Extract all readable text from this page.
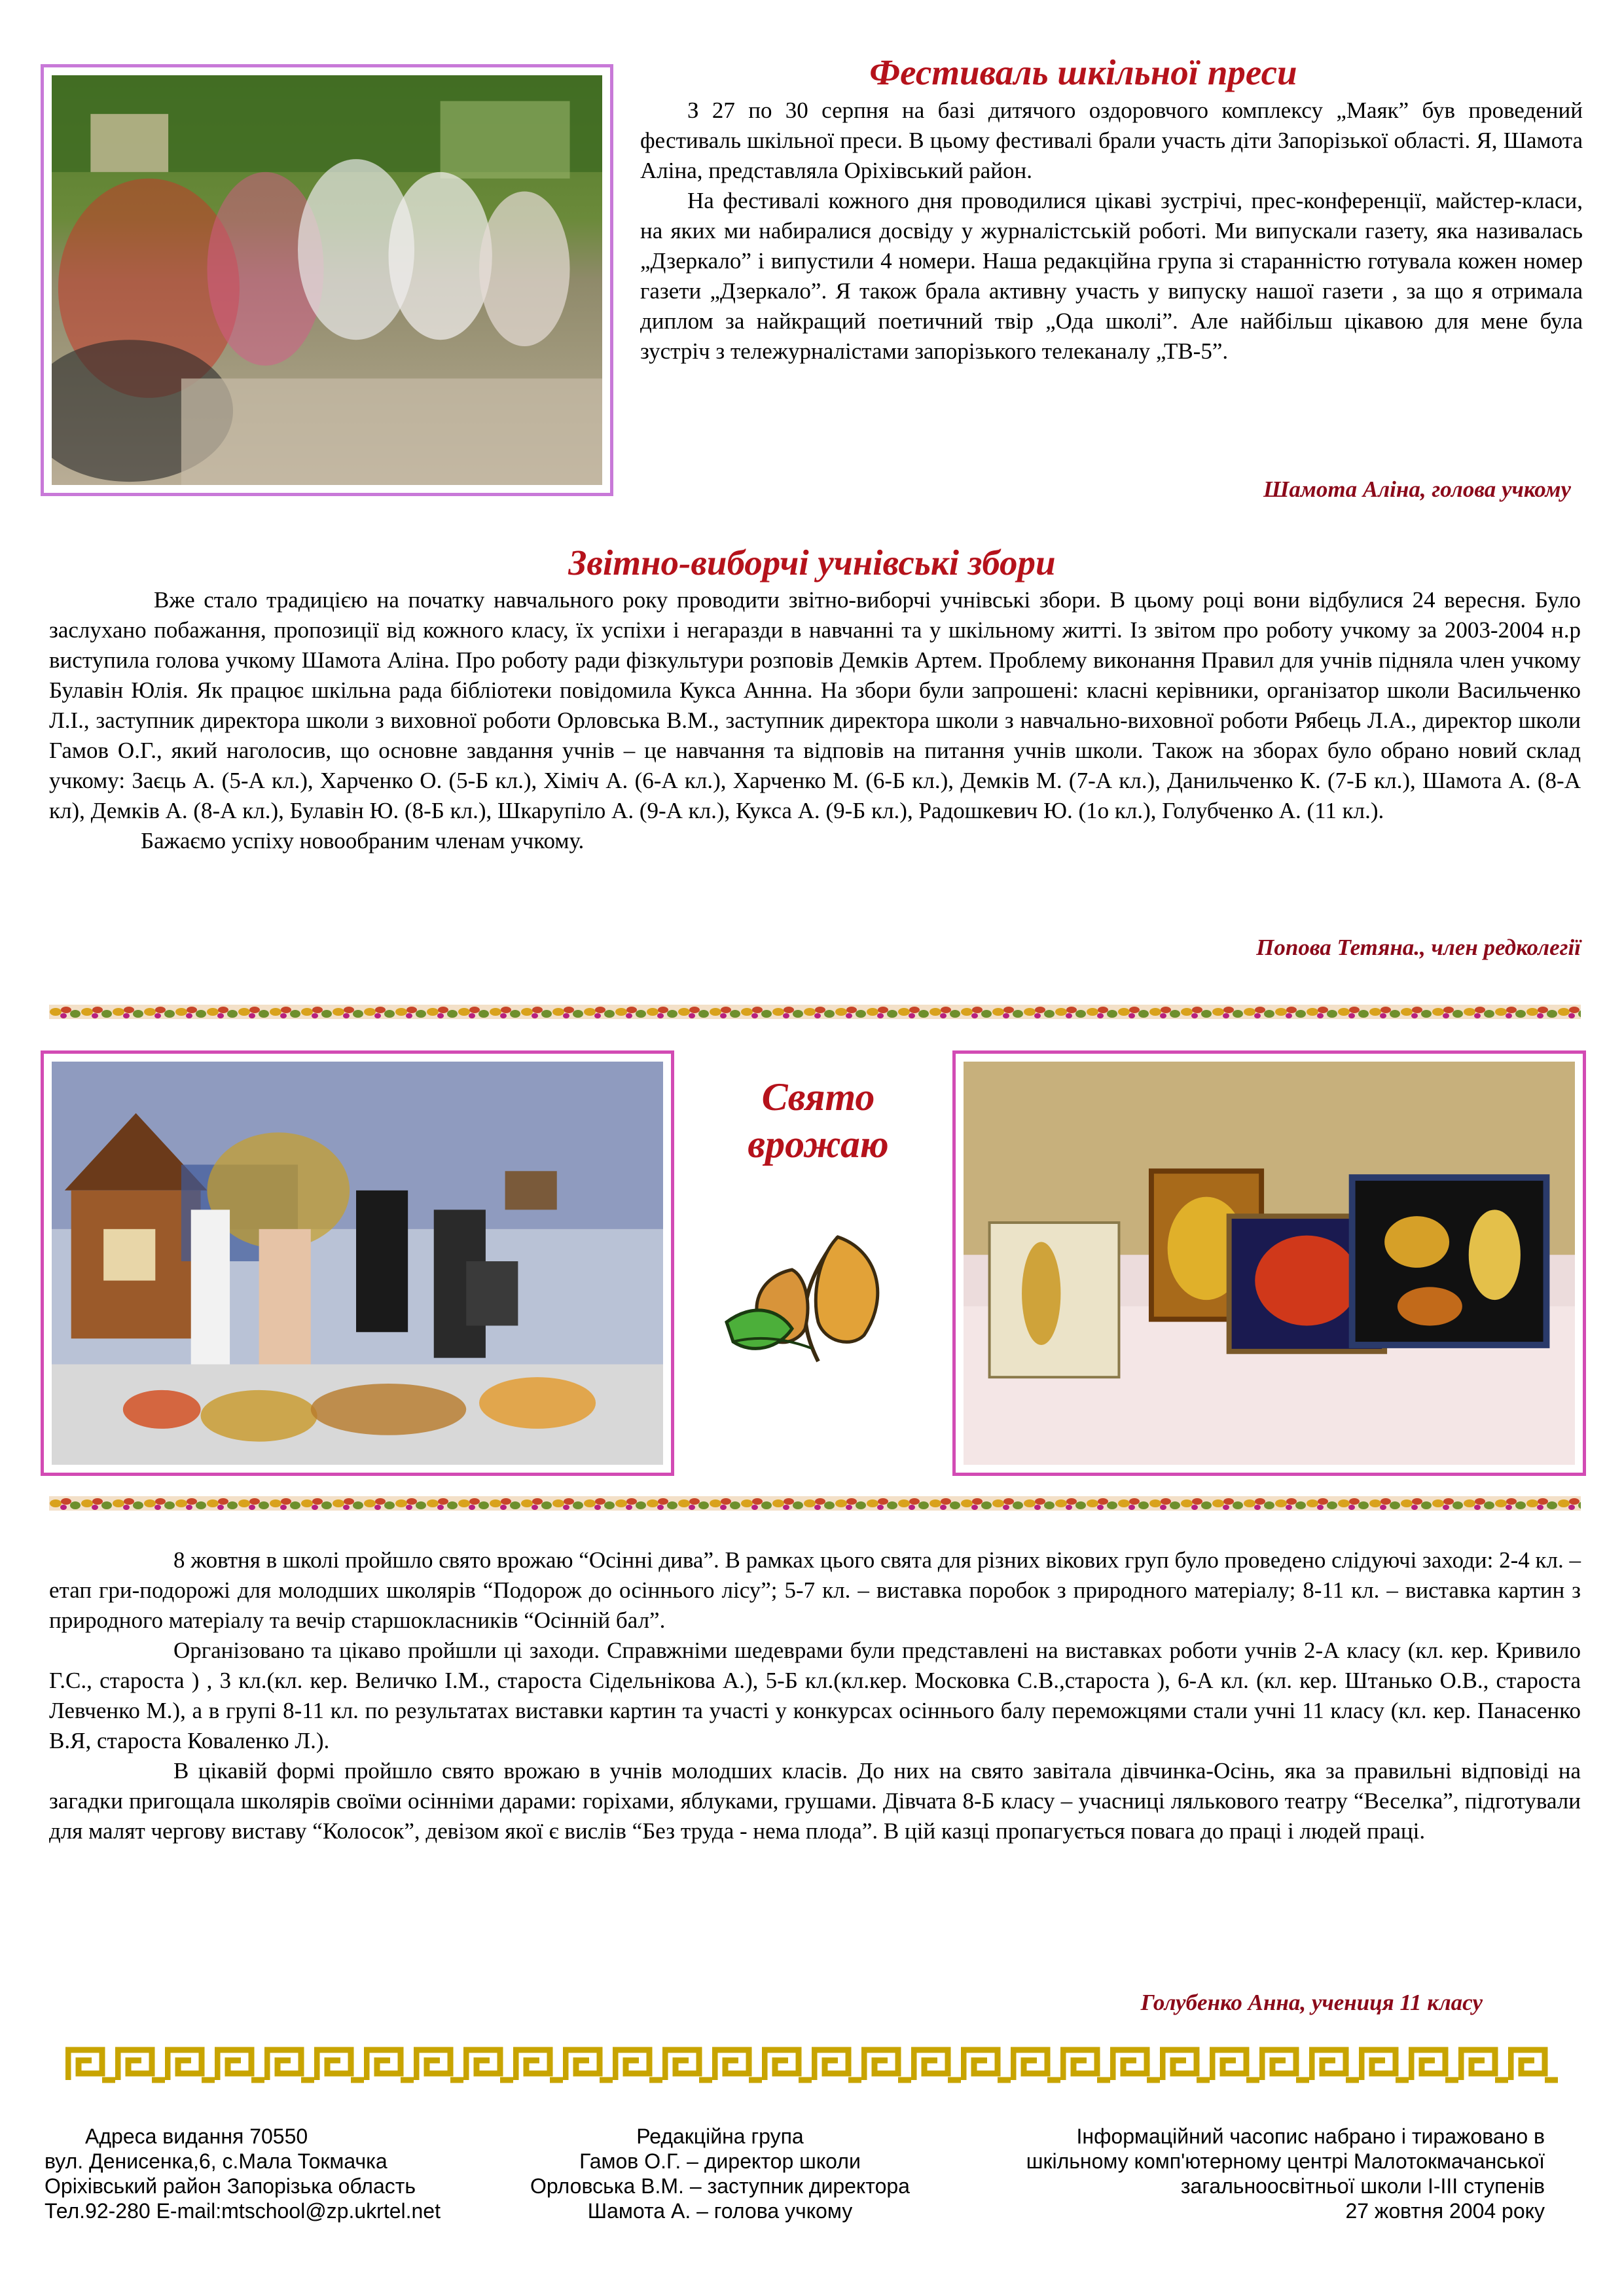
Фестиваль шкільної преси

З 27 по 30 серпня на базі дитячого оздоровчого комплексу „Маяк” був проведений фестиваль шкільної преси. В цьому фестивалі брали участь діти Запорізької області. Я, Шамота Аліна, представляла Оріхівський район.

На фестивалі кожного дня проводилися цікаві зустрічі, прес-конференції, майстер-класи, на яких ми набиралися досвіду у журналістській роботі. Ми випускали газету, яка називалась „Дзеркало” і випустили 4 номери. Наша редакційна група зі старанністю готувала кожен номер газети „Дзеркало”. Я також брала активну участь у випуску нашої газети , за що я отримала диплом за найкращий поетичний твір „Ода школі”. Але найбільш цікавою для мене була зустріч з тележурналістами запорізького телеканалу „ТВ-5”.

Шамота Аліна, голова учкому
Звітно-виборчі учнівські збори

Вже стало традицією на початку навчального року проводити звітно-виборчі учнівські збори. В цьому році вони відбулися 24 вересня. Було заслухано побажання, пропозиції від кожного класу, їх успіхи і негаразди в навчанні та у шкільному житті. Із звітом про роботу учкому за 2003-2004 н.р виступила голова учкому Шамота Аліна. Про роботу ради фізкультури розповів Демків Артем. Проблему виконання Правил для учнів підняла член учкому Булавін Юлія. Як працює шкільна рада бібліотеки повідомила Кукса Аннна. На збори були запрошені: класні керівники, організатор школи Васильченко Л.І., заступник директора школи з виховної роботи Орловська В.М., заступник директора школи з навчально-виховної роботи Рябець Л.А., директор школи Гамов О.Г., який наголосив, що основне завдання учнів – це навчання та відповів на питання учнів школи. Також на зборах було обрано новий склад учкому: Заєць А. (5-А кл.), Харченко О. (5-Б кл.), Хіміч А. (6-А кл.), Харченко М. (6-Б кл.), Демків М. (7-А кл.), Данильченко К. (7-Б кл.), Шамота А. (8-А кл), Демків А. (8-А кл.), Булавін Ю. (8-Б кл.), Шкарупіло А. (9-А кл.), Кукса А. (9-Б кл.), Радошкевич Ю. (1о кл.), Голубченко А. (11 кл.).

Бажаємо успіху новообраним членам учкому.

Попова Тетяна., член редколегії
Свято
врожаю

8 жовтня в школі пройшло свято врожаю “Осінні дива”. В рамках цього свята для різних вікових груп було проведено слідуючі заходи: 2-4 кл. – етап гри-подорожі для молодших школярів “Подорож до осіннього лісу”; 5-7 кл. – виставка поробок з природного матеріалу; 8-11 кл. – виставка картин з природного матеріалу та вечір старшокласників “Осінній бал”.

Організовано та цікаво пройшли ці заходи. Справжніми шедеврами були представлені на виставках роботи учнів 2-А класу (кл. кер. Кривило Г.С., староста ) , 3 кл.(кл. кер. Величко І.М., староста Сідельнікова А.), 5-Б кл.(кл.кер. Московка С.В.,староста ), 6-А кл. (кл. кер. Штанько О.В., староста Левченко М.), а в групі 8-11 кл. по результатах виставки картин та участі у конкурсах осіннього балу переможцями стали учні 11 класу (кл. кер. Панасенко В.Я, староста Коваленко Л.).

В цікавій формі пройшло свято врожаю в учнів молодших класів. До них на свято завітала дівчинка-Осінь, яка за правильні відповіді на загадки пригощала школярів своїми осінніми дарами: горіхами, яблуками, грушами. Дівчата 8-Б класу – учасниці лялькового театру “Веселка”, підготували для малят чергову виставу “Колосок”, девізом якої є вислів “Без труда - нема плода”. В цій казці пропагується повага до праці і людей праці.

Голубенко Анна, учениця 11 класу
Адреса видання 70550
вул. Денисенка,6, с.Мала Токмачка
Оріхівський район Запорізька область
Тел.92-280 E-mail:mtschool@zp.ukrtel.net
Редакційна група
Гамов О.Г. – директор школи
Орловська В.М. – заступник директора
Шамота А. – голова учкому
Інформаційний часопис набрано і тиражовано в
шкільному комп'ютерному центрі Малотокмачанської
загальноосвітньої школи І-ІІІ ступенів
27 жовтня 2004 року
